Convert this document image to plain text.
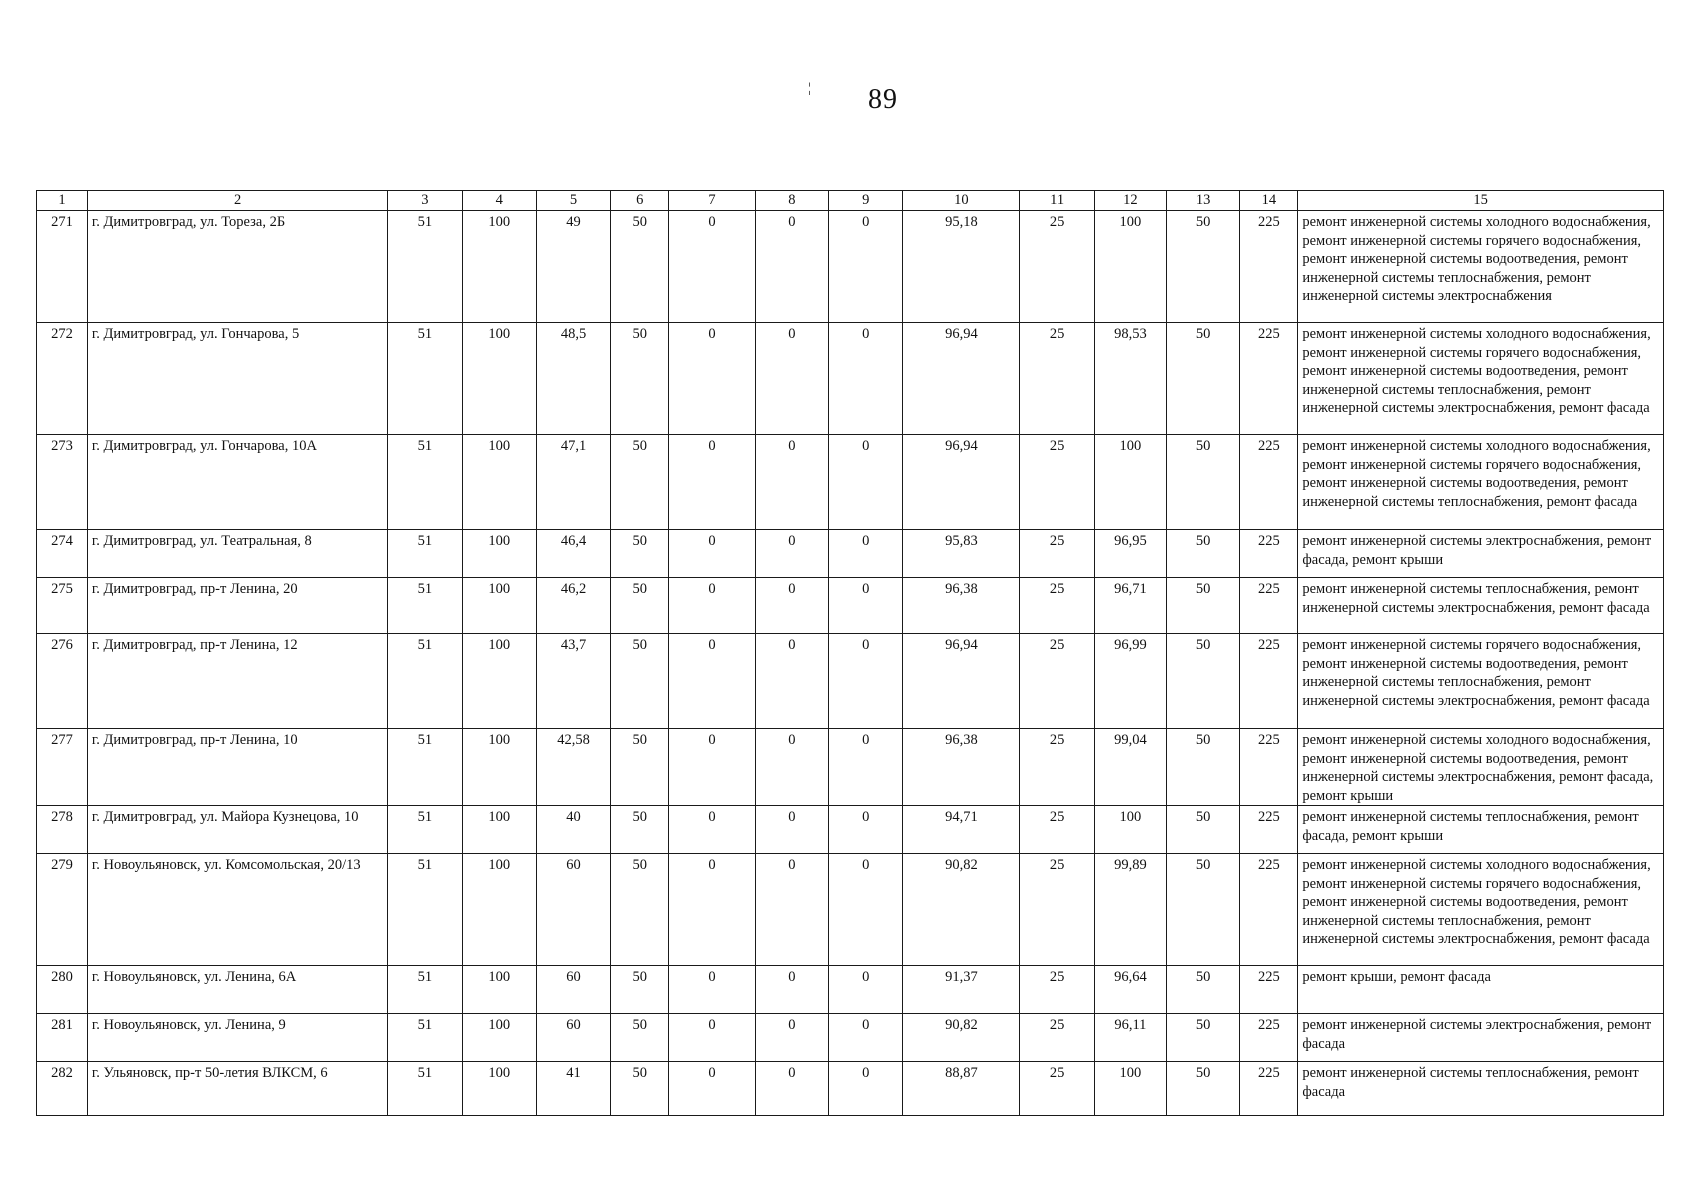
¦ 89
1	2	3	4	5	6	7	8	9	10	11	12	13	14	15
271	г. Димитровград, ул. Тореза, 2Б	51	100	49	50	0	0	0	95,18	25	100	50	225	ремонт инженерной системы холодного водоснабжения, ремонт инженерной системы горячего водоснабжения, ремонт инженерной системы водоотведения, ремонт инженерной системы теплоснабжения, ремонт инженерной системы электроснабжения
272	г. Димитровград, ул. Гончарова, 5	51	100	48,5	50	0	0	0	96,94	25	98,53	50	225	ремонт инженерной системы холодного водоснабжения, ремонт инженерной системы горячего водоснабжения, ремонт инженерной системы водоотведения, ремонт инженерной системы теплоснабжения, ремонт инженерной системы электроснабжения, ремонт фасада
273	г. Димитровград, ул. Гончарова, 10А	51	100	47,1	50	0	0	0	96,94	25	100	50	225	ремонт инженерной системы холодного водоснабжения, ремонт инженерной системы горячего водоснабжения, ремонт инженерной системы водоотведения, ремонт инженерной системы теплоснабжения, ремонт фасада
274	г. Димитровград, ул. Театральная, 8	51	100	46,4	50	0	0	0	95,83	25	96,95	50	225	ремонт инженерной системы электроснабжения, ремонт фасада, ремонт крыши
275	г. Димитровград, пр-т Ленина, 20	51	100	46,2	50	0	0	0	96,38	25	96,71	50	225	ремонт инженерной системы теплоснабжения, ремонт инженерной системы электроснабжения, ремонт фасада
276	г. Димитровград, пр-т Ленина, 12	51	100	43,7	50	0	0	0	96,94	25	96,99	50	225	ремонт инженерной системы горячего водоснабжения, ремонт инженерной системы водоотведения, ремонт инженерной системы теплоснабжения, ремонт инженерной системы электроснабжения, ремонт фасада
277	г. Димитровград, пр-т Ленина, 10	51	100	42,58	50	0	0	0	96,38	25	99,04	50	225	ремонт инженерной системы холодного водоснабжения, ремонт инженерной системы водоотведения, ремонт инженерной системы электроснабжения, ремонт фасада, ремонт крыши
278	г. Димитровград, ул. Майора Кузнецова, 10	51	100	40	50	0	0	0	94,71	25	100	50	225	ремонт инженерной системы теплоснабжения, ремонт фасада, ремонт крыши
279	г. Новоульяновск, ул. Комсомольская, 20/13	51	100	60	50	0	0	0	90,82	25	99,89	50	225	ремонт инженерной системы холодного водоснабжения, ремонт инженерной системы горячего водоснабжения, ремонт инженерной системы водоотведения, ремонт инженерной системы теплоснабжения, ремонт инженерной системы электроснабжения, ремонт фасада
280	г. Новоульяновск, ул. Ленина, 6А	51	100	60	50	0	0	0	91,37	25	96,64	50	225	ремонт крыши, ремонт фасада
281	г. Новоульяновск, ул. Ленина, 9	51	100	60	50	0	0	0	90,82	25	96,11	50	225	ремонт инженерной системы электроснабжения, ремонт фасада
282	г. Ульяновск, пр-т 50-летия ВЛКСМ, 6	51	100	41	50	0	0	0	88,87	25	100	50	225	ремонт инженерной системы теплоснабжения, ремонт фасада
